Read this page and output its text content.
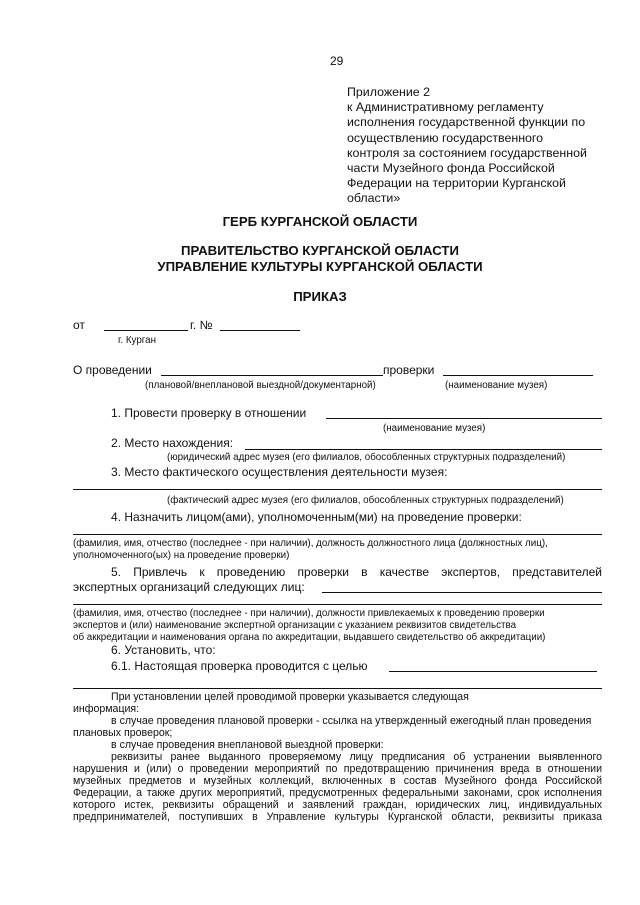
29
Приложение 2
к Административному регламенту
исполнения государственной функции по
осуществлению государственного
контроля за состоянием государственной
части Музейного фонда Российской
Федерации на территории Курганской
области»
ГЕРБ КУРГАНСКОЙ ОБЛАСТИ
ПРАВИТЕЛЬСТВО КУРГАНСКОЙ ОБЛАСТИ
УПРАВЛЕНИЕ КУЛЬТУРЫ КУРГАНСКОЙ ОБЛАСТИ
ПРИКАЗ
от	г. №
г. Курган
О проведении	проверки
(плановой/внеплановой выездной/документарной)	(наименование музея)
1. Провести проверку в отношении
(наименование музея)
2. Место нахождения:
(юридический адрес музея (его филиалов, обособленных структурных подразделений)
3. Место фактического осуществления деятельности музея:
(фактический адрес музея (его филиалов, обособленных структурных подразделений)
4. Назначить лицом(ами), уполномоченным(ми) на проведение проверки:
(фамилия, имя, отчество (последнее - при наличии), должность должностного лица (должностных лиц),
уполномоченного(ых) на проведение проверки)
5. Привлечь к проведению проверки в качестве экспертов, представителей
экспертных организаций следующих лиц:
(фамилия, имя, отчество (последнее - при наличии), должности привлекаемых к проведению проверки
экспертов и (или) наименование экспертной организации с указанием реквизитов свидетельства
об аккредитации и наименования органа по аккредитации, выдавшего свидетельство об аккредитации)
6. Установить, что:
6.1. Настоящая проверка проводится с целью
При установлении целей проводимой проверки указывается следующая
информация:
в случае проведения плановой проверки - ссылка на утвержденный ежегодный план проведения
плановых проверок;
в случае проведения внеплановой выездной проверки:
реквизиты ранее выданного проверяемому лицу предписания об устранении выявленного
нарушения и (или) о проведении мероприятий по предотвращению причинения вреда в отношении
музейных предметов и музейных коллекций, включенных в состав Музейного фонда Российской
Федерации, а также других мероприятий, предусмотренных федеральными законами, срок исполнения
которого истек, реквизиты обращений и заявлений граждан, юридических лиц, индивидуальных
предпринимателей, поступивших в Управление культуры Курганской области, реквизиты приказа
